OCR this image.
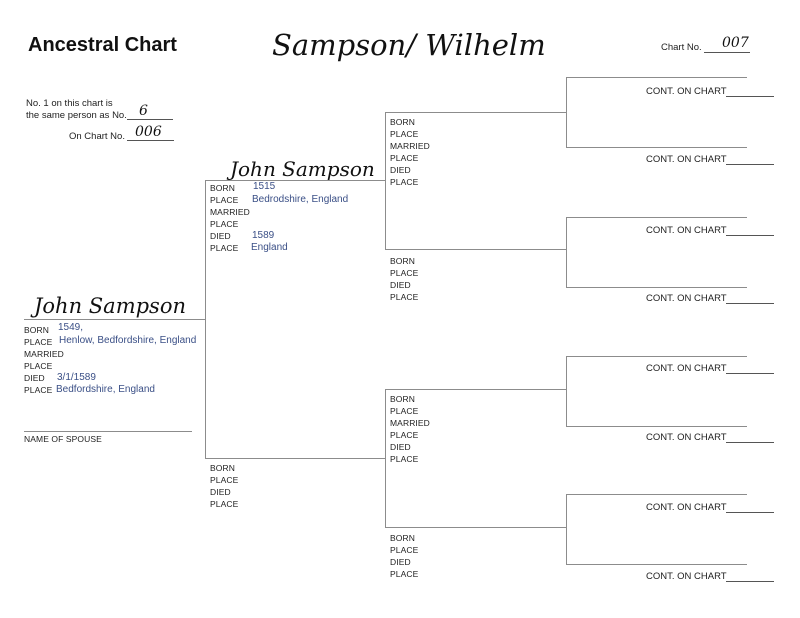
Ancestral Chart	Sampson/ Wilhelm	Chart No. 007
No. 1 on this chart is
the same person as No. 6
On Chart No. 006
John Sampson
BORN 1549,
PLACE Henlow, Bedfordshire, England
MARRIED
PLACE
DIED 3/1/1589
PLACE Bedfordshire, England
NAME OF SPOUSE
John Sampson
BORN 1515
PLACE Bedrodshire, England
MARRIED
PLACE
DIED 1589
PLACE England
BORN
PLACE
DIED
PLACE
BORN
PLACE
MARRIED
PLACE
DIED
PLACE
BORN
PLACE
DIED
PLACE
BORN
PLACE
MARRIED
PLACE
DIED
PLACE
BORN
PLACE
DIED
PLACE
CONT. ON CHART
CONT. ON CHART
CONT. ON CHART
CONT. ON CHART
CONT. ON CHART
CONT. ON CHART
CONT. ON CHART
CONT. ON CHART
